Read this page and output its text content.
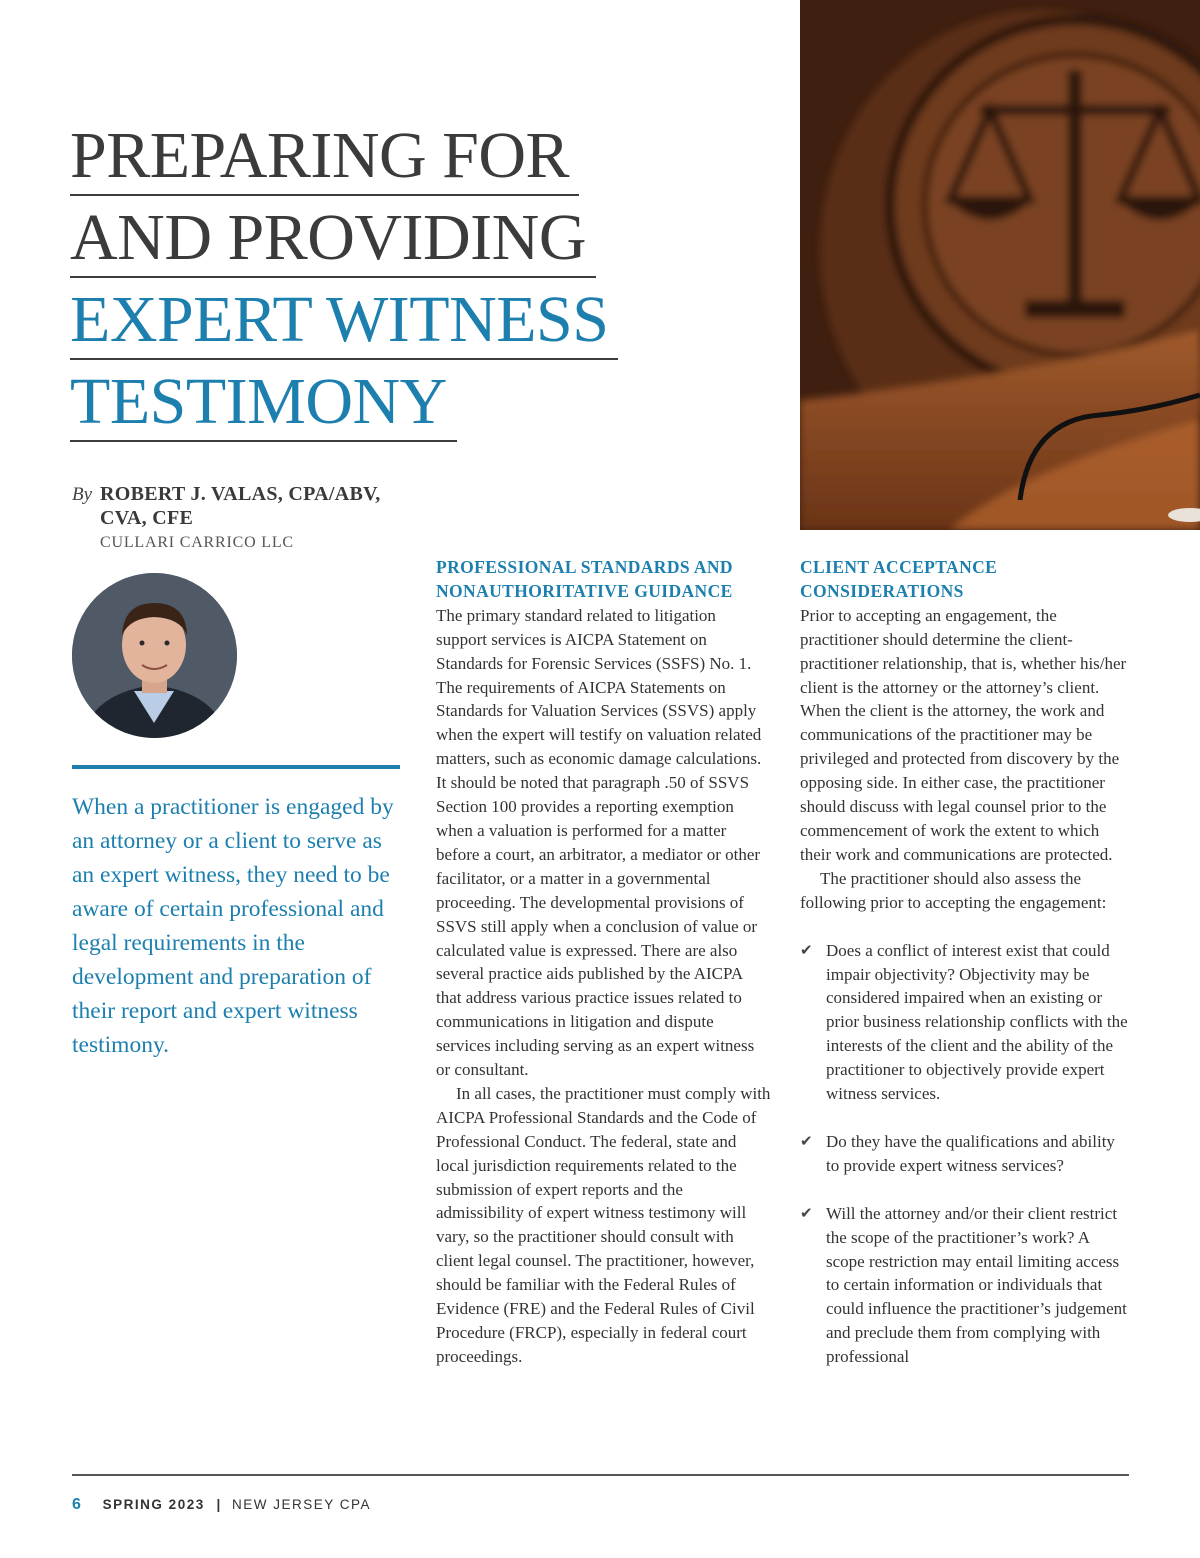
PREPARING FOR
AND PROVIDING
EXPERT WITNESS
TESTIMONY
By ROBERT J. VALAS, CPA/ABV, CVA, CFE
CULLARI CARRICO LLC
When a practitioner is engaged by an attorney or a client to serve as an expert witness, they need to be aware of certain professional and legal requirements in the development and preparation of their report and expert witness testimony.
PROFESSIONAL STANDARDS AND NONAUTHORITATIVE GUIDANCE

The primary standard related to litigation support services is AICPA Statement on Standards for Forensic Services (SSFS) No. 1. The requirements of AICPA Statements on Standards for Valuation Services (SSVS) apply when the expert will testify on valuation related matters, such as economic damage calculations. It should be noted that paragraph .50 of SSVS Section 100 provides a reporting exemption when a valuation is performed for a matter before a court, an arbitrator, a mediator or other facilitator, or a matter in a governmental proceeding. The developmental provisions of SSVS still apply when a conclusion of value or calculated value is expressed. There are also several practice aids published by the AICPA that address various practice issues related to communications in litigation and dispute services including serving as an expert witness or consultant.

In all cases, the practitioner must comply with AICPA Professional Standards and the Code of Professional Conduct. The federal, state and local jurisdiction requirements related to the submission of expert reports and the admissibility of expert witness testimony will vary, so the practitioner should consult with client legal counsel. The practitioner, however, should be familiar with the Federal Rules of Evidence (FRE) and the Federal Rules of Civil Procedure (FRCP), especially in federal court proceedings.

CLIENT ACCEPTANCE CONSIDERATIONS

Prior to accepting an engagement, the practitioner should determine the client-practitioner relationship, that is, whether his/her client is the attorney or the attorney’s client. When the client is the attorney, the work and communications of the practitioner may be privileged and protected from discovery by the opposing side. In either case, the practitioner should discuss with legal counsel prior to the commencement of work the extent to which their work and communications are protected.

The practitioner should also assess the following prior to accepting the engagement:

✔ Does a conflict of interest exist that could impair objectivity? Objectivity may be considered impaired when an existing or prior business relationship conflicts with the interests of the client and the ability of the practitioner to objectively provide expert witness services.
✔ Do they have the qualifications and ability to provide expert witness services?
✔ Will the attorney and/or their client restrict the scope of the practitioner’s work? A scope restriction may entail limiting access to certain information or individuals that could influence the practitioner’s judgement and preclude them from complying with professional
6 SPRING 2023 | NEW JERSEY CPA
